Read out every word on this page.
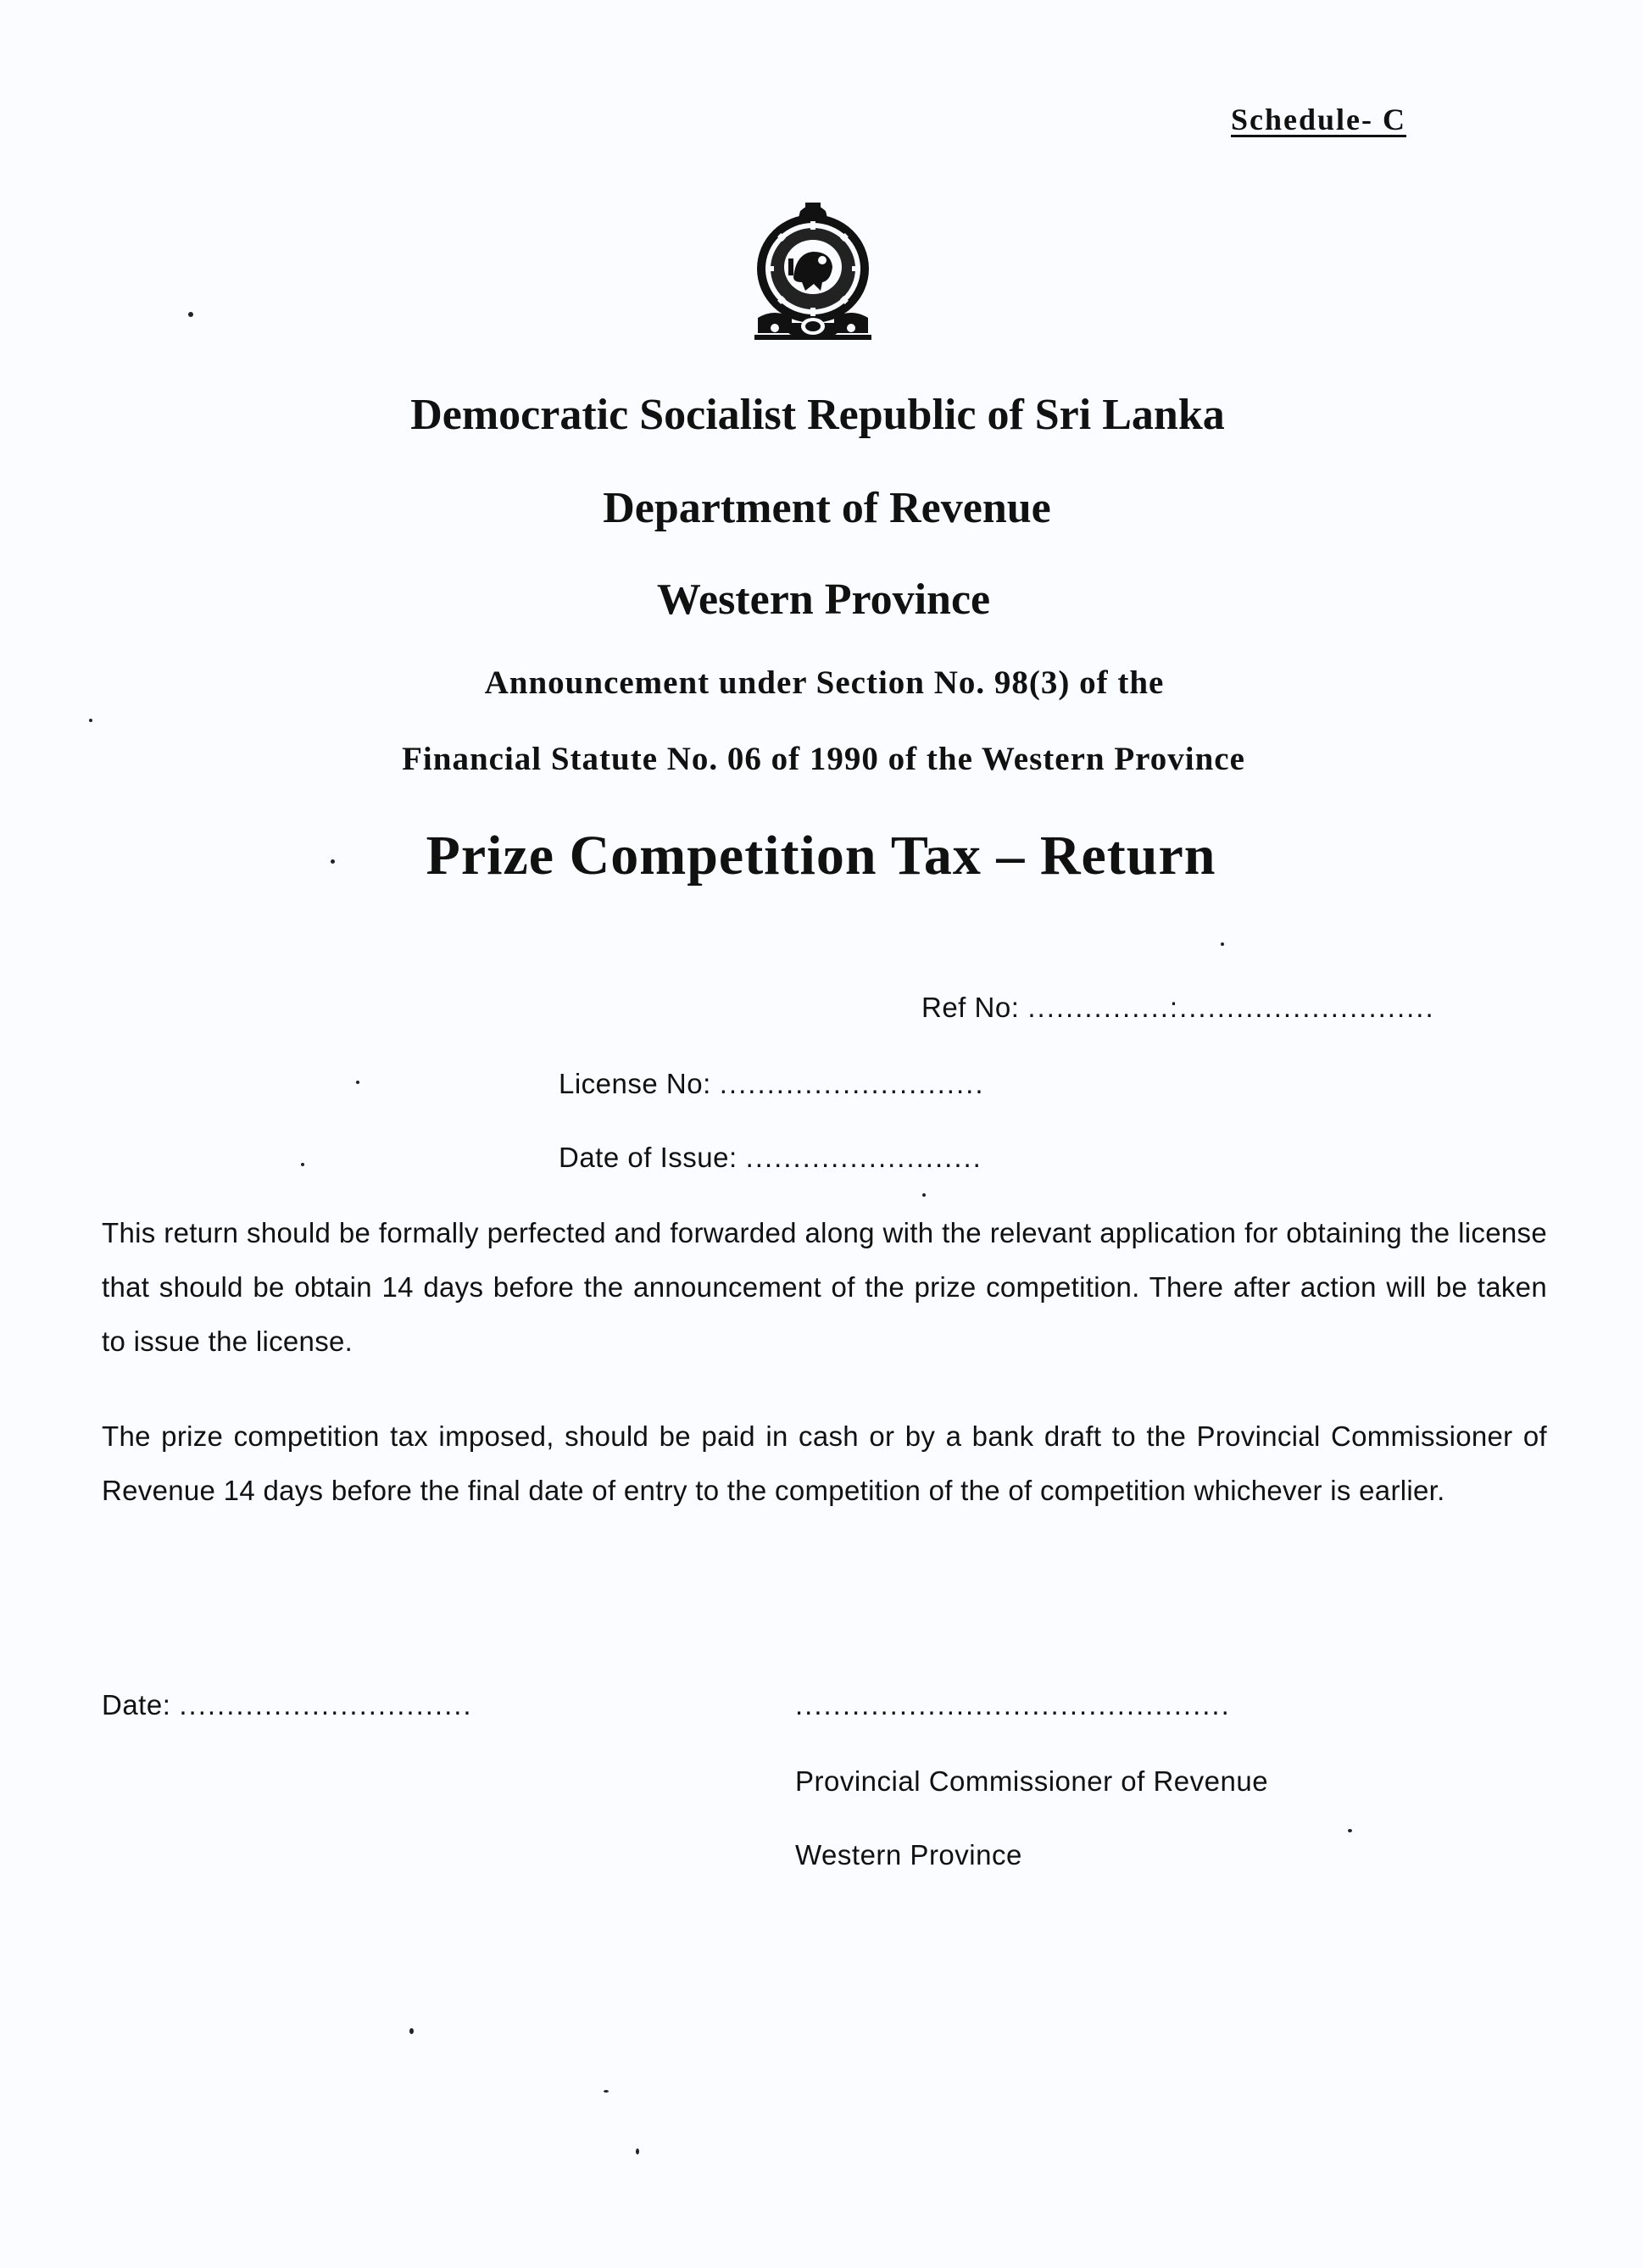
Schedule- C
Democratic Socialist Republic of Sri Lanka
Department of Revenue
Western Province
Announcement under Section No. 98(3) of the
Financial Statute No. 06 of 1990 of the Western Province
Prize Competition Tax – Return
Ref No: ...............:...........................
License No: ............................
Date of Issue: .........................
This return should be formally perfected and forwarded along with the relevant application for obtaining the license that should be obtain 14 days before the announcement of the prize competition. There after action will be taken to issue the license.
The prize competition tax imposed, should be paid in cash or by a bank draft to the Provincial Commissioner of Revenue 14 days before the final date of entry to the competition of the of competition whichever is earlier.
Date: ...............................	..............................................
Provincial Commissioner of Revenue
Western Province
